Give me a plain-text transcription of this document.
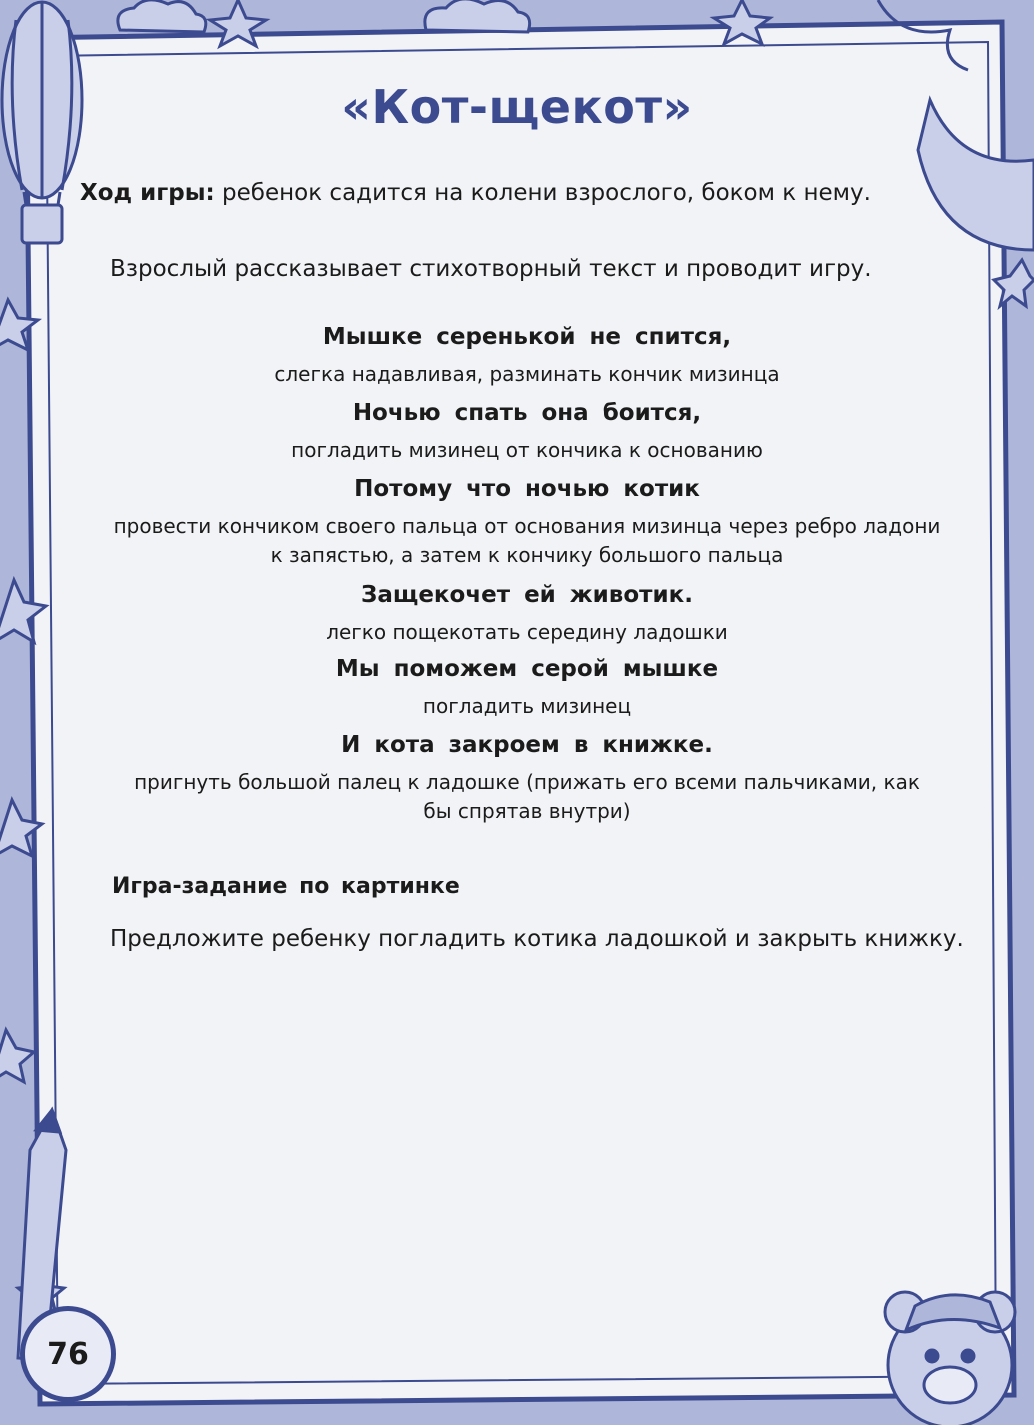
«Кот-щекот»
Ход игры: ребенок садится на колени взрослого, боком к нему.
Взрослый рассказывает стихотворный текст и проводит игру.
Мышке серенькой не спится,
слегка надавливая, разминать кончик мизинца
Ночью спать она боится,
погладить мизинец от кончика к основанию
Потому что ночью котик
провести кончиком своего пальца от основания мизинца через ребро ладони к запястью, а затем к кончику большого пальца
Защекочет ей животик.
легко пощекотать середину ладошки
Мы поможем серой мышке
погладить мизинец
И кота закроем в книжке.
пригнуть большой палец к ладошке (прижать его всеми пальчиками, как бы спрятав внутри)
Игра-задание по картинке
Предложите ребенку погладить котика ладошкой и закрыть книжку.
76
